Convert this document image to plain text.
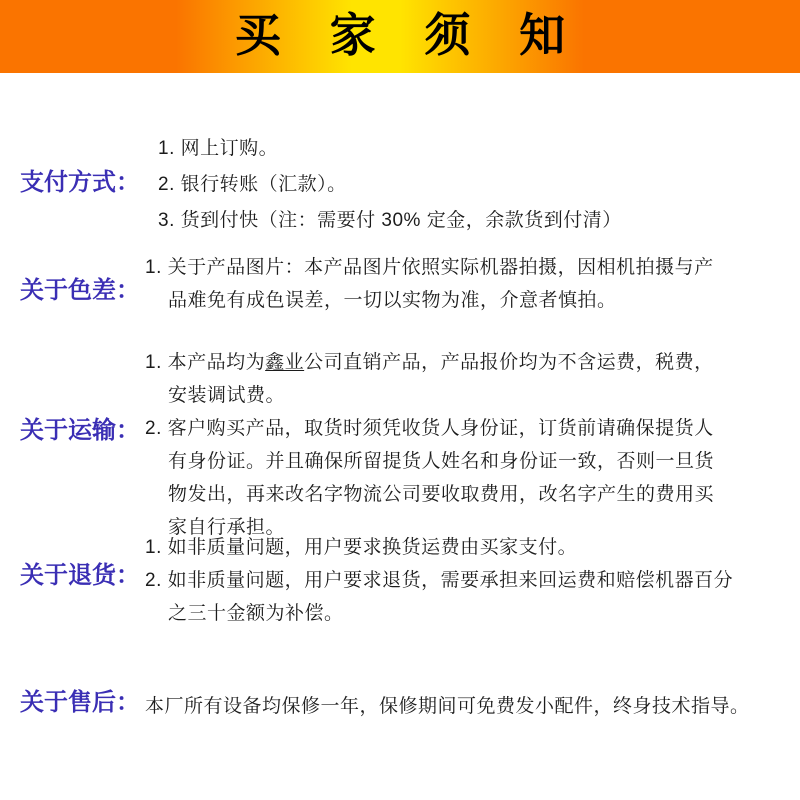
买 家 须 知
支付方式：

1. 网上订购。

2. 银行转账（汇款）。

3. 货到付快（注：需要付 30% 定金，余款货到付清）

关于色差：

1. 关于产品图片：本产品图片依照实际机器拍摄，因相机拍摄与产品难免有成色误差，一切以实物为准，介意者慎拍。

关于运输：

1. 本产品均为鑫业公司直销产品，产品报价均为不含运费，税费，安装调试费。

2. 客户购买产品，取货时须凭收货人身份证，订货前请确保提货人有身份证。并且确保所留提货人姓名和身份证一致，否则一旦货物发出，再来改名字物流公司要收取费用，改名字产生的费用买家自行承担。

关于退货：

1. 如非质量问题，用户要求换货运费由买家支付。

2. 如非质量问题，用户要求退货，需要承担来回运费和赔偿机器百分之三十金额为补偿。

关于售后： 本厂所有设备均保修一年，保修期间可免费发小配件，终身技术指导。
